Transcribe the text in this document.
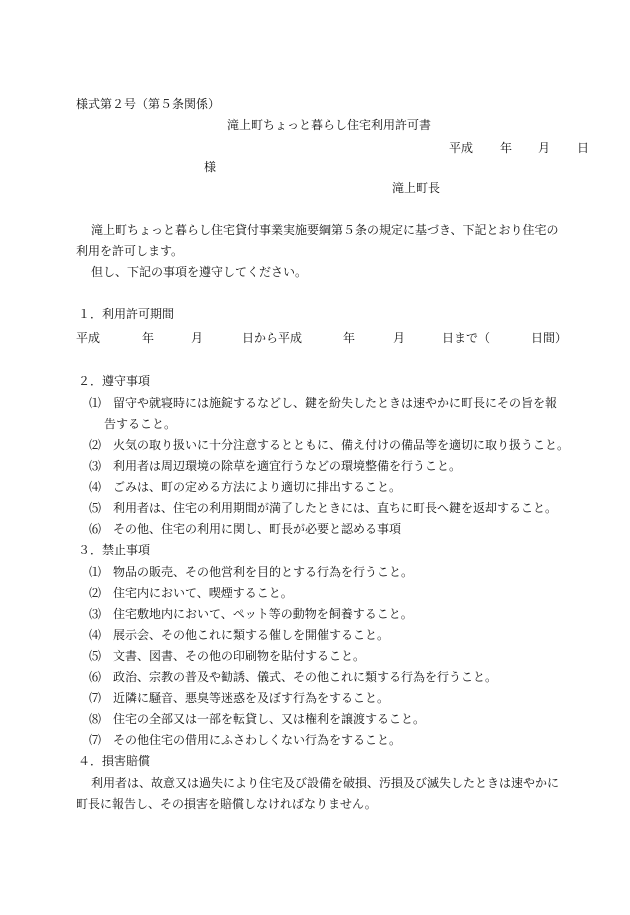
様式第２号（第５条関係）
滝上町ちょっと暮らし住宅利用許可書
平成 年 月 日
様
滝上町長
滝上町ちょっと暮らし住宅貸付事業実施要綱第５条の規定に基づき、下記とおり住宅の
利用を許可します。
但し、下記の事項を遵守してください。
１．利用許可期間
平成	年	月	日から平成	年	月	日まで（	日間）
２．遵守事項
⑴ 留守や就寝時には施錠するなどし、鍵を紛失したときは速やかに町長にその旨を報
告すること。
⑵ 火気の取り扱いに十分注意するとともに、備え付けの備品等を適切に取り扱うこと。
⑶ 利用者は周辺環境の除草を適宜行うなどの環境整備を行うこと。
⑷ ごみは、町の定める方法により適切に排出すること。
⑸ 利用者は、住宅の利用期間が満了したときには、直ちに町長へ鍵を返却すること。
⑹ その他、住宅の利用に関し、町長が必要と認める事項
３．禁止事項
⑴ 物品の販売、その他営利を目的とする行為を行うこと。
⑵ 住宅内において、喫煙すること。
⑶ 住宅敷地内において、ペット等の動物を飼養すること。
⑷ 展示会、その他これに類する催しを開催すること。
⑸ 文書、図書、その他の印刷物を貼付すること。
⑹ 政治、宗教の普及や勧誘、儀式、その他これに類する行為を行うこと。
⑺ 近隣に騒音、悪臭等迷惑を及ぼす行為をすること。
⑻ 住宅の全部又は一部を転貸し、又は権利を譲渡すること。
⑺ その他住宅の借用にふさわしくない行為をすること。
４．損害賠償
利用者は、故意又は過失により住宅及び設備を破損、汚損及び滅失したときは速やかに
町長に報告し、その損害を賠償しなければなりません。
